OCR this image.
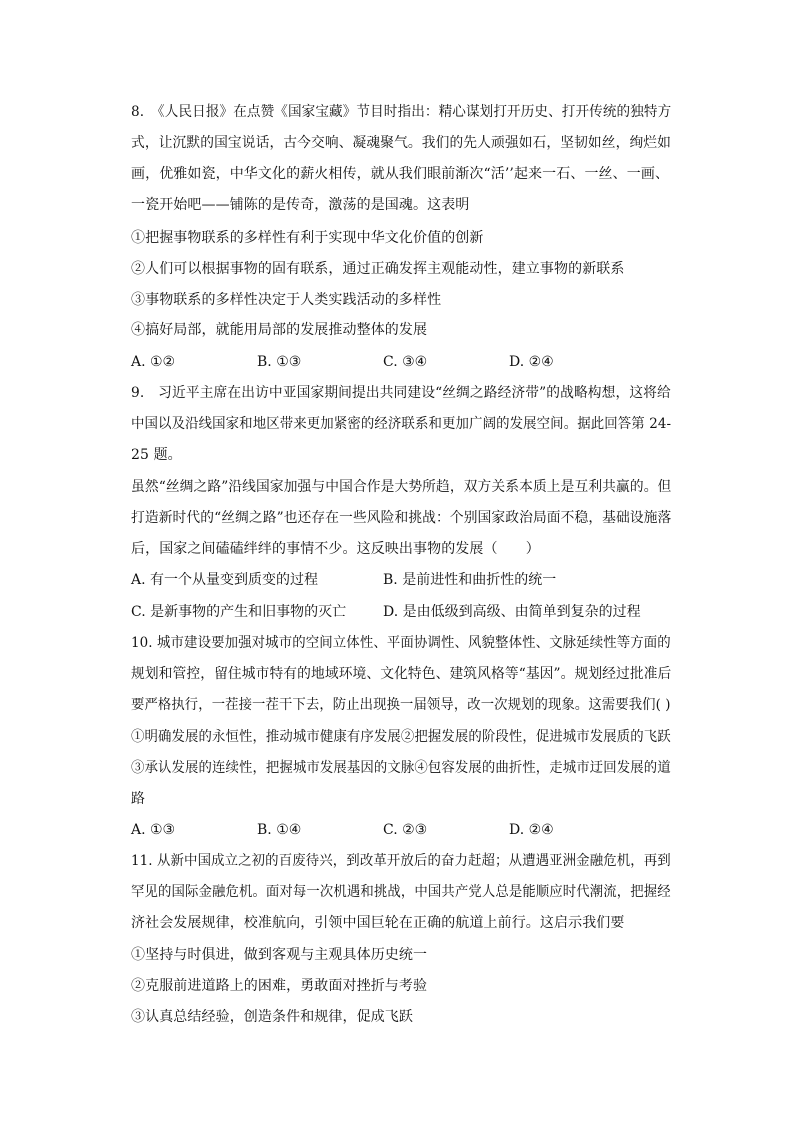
8.　《人民日报》在点赞《国家宝藏》节目时指出：精心谋划打开历史、打开传统的独特方
式，让沉默的国宝说话，古今交响、凝魂聚气。我们的先人顽强如石，坚韧如丝，绚烂如
画，优雅如瓷，中华文化的薪火相传，就从我们眼前渐次“活’’起来一石、一丝、一画、
一瓷开始吧——铺陈的是传奇，激荡的是国魂。这表明
①把握事物联系的多样性有利于实现中华文化价值的创新
②人们可以根据事物的固有联系，通过正确发挥主观能动性，建立事物的新联系
③事物联系的多样性决定于人类实践活动的多样性
④搞好局部，就能用局部的发展推动整体的发展
A. ①②	B. ①③	C. ③④	D. ②④
9.　习近平主席在出访中亚国家期间提出共同建设“丝绸之路经济带”的战略构想，这将给
中国以及沿线国家和地区带来更加紧密的经济联系和更加广阔的发展空间。据此回答第 24-
25 题。
虽然“丝绸之路”沿线国家加强与中国合作是大势所趋，双方关系本质上是互利共赢的。但
打造新时代的“丝绸之路”也还存在一些风险和挑战：个别国家政治局面不稳，基础设施落
后，国家之间磕磕绊绊的事情不少。这反映出事物的发展（　　）
A. 有一个从量变到质变的过程	B. 是前进性和曲折性的统一
C. 是新事物的产生和旧事物的灭亡	D. 是由低级到高级、由简单到复杂的过程
10. 城市建设要加强对城市的空间立体性、平面协调性、风貌整体性、文脉延续性等方面的
规划和管控，留住城市特有的地域环境、文化特色、建筑风格等“基因”。规划经过批准后
要严格执行，一茬接一茬干下去，防止出现换一届领导，改一次规划的现象。这需要我们( )
①明确发展的永恒性，推动城市健康有序发展②把握发展的阶段性，促进城市发展质的飞跃
③承认发展的连续性，把握城市发展基因的文脉④包容发展的曲折性，走城市迂回发展的道
路
A. ①③	B. ①④	C. ②③	D. ②④
11. 从新中国成立之初的百废待兴，到改革开放后的奋力赶超；从遭遇亚洲金融危机，再到
罕见的国际金融危机。面对每一次机遇和挑战，中国共产党人总是能顺应时代潮流，把握经
济社会发展规律，校准航向，引领中国巨轮在正确的航道上前行。这启示我们要
①坚持与时俱进，做到客观与主观具体历史统一
②克服前进道路上的困难，勇敢面对挫折与考验
③认真总结经验，创造条件和规律，促成飞跃
